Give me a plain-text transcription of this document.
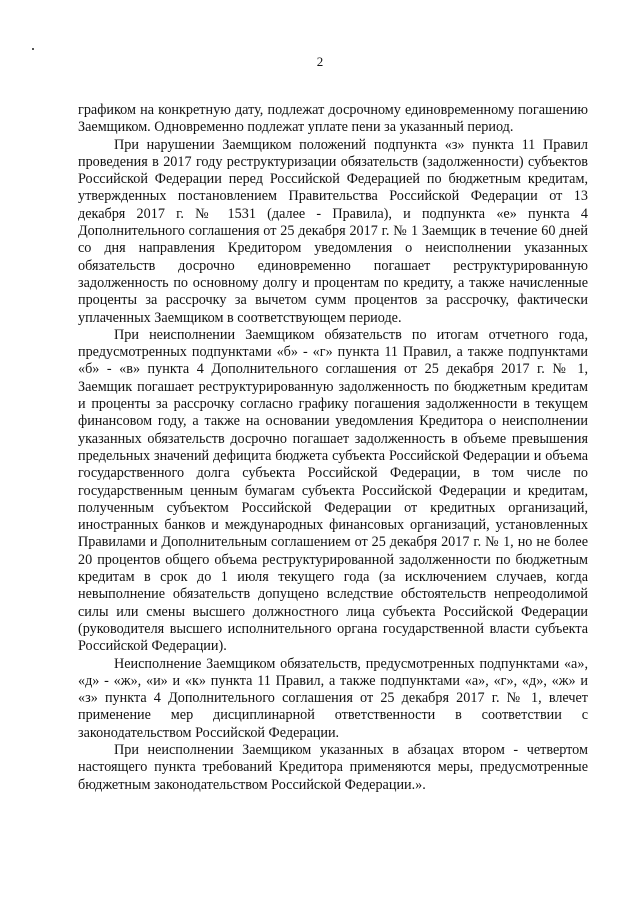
2

графиком на конкретную дату, подлежат досрочному единовременному погашению Заемщиком. Одновременно подлежат уплате пени за указанный период.

При нарушении Заемщиком положений подпункта «з» пункта 11 Правил проведения в 2017 году реструктуризации обязательств (задолженности) субъектов Российской Федерации перед Российской Федерацией по бюджетным кредитам, утвержденных постановлением Правительства Российской Федерации от 13 декабря 2017 г. № 1531 (далее - Правила), и подпункта «е» пункта 4 Дополнительного соглашения от 25 декабря 2017 г. № 1 Заемщик в течение 60 дней со дня направления Кредитором уведомления о неисполнении указанных обязательств досрочно единовременно погашает реструктурированную задолженность по основному долгу и процентам по кредиту, а также начисленные проценты за рассрочку за вычетом сумм процентов за рассрочку, фактически уплаченных Заемщиком в соответствующем периоде.

При неисполнении Заемщиком обязательств по итогам отчетного года, предусмотренных подпунктами «б» - «г» пункта 11 Правил, а также подпунктами «б» - «в» пункта 4 Дополнительного соглашения от 25 декабря 2017 г. № 1, Заемщик погашает реструктурированную задолженность по бюджетным кредитам и проценты за рассрочку согласно графику погашения задолженности в текущем финансовом году, а также на основании уведомления Кредитора о неисполнении указанных обязательств досрочно погашает задолженность в объеме превышения предельных значений дефицита бюджета субъекта Российской Федерации и объема государственного долга субъекта Российской Федерации, в том числе по государственным ценным бумагам субъекта Российской Федерации и кредитам, полученным субъектом Российской Федерации от кредитных организаций, иностранных банков и международных финансовых организаций, установленных Правилами и Дополнительным соглашением от 25 декабря 2017 г. № 1, но не более 20 процентов общего объема реструктурированной задолженности по бюджетным кредитам в срок до 1 июля текущего года (за исключением случаев, когда невыполнение обязательств допущено вследствие обстоятельств непреодолимой силы или смены высшего должностного лица субъекта Российской Федерации (руководителя высшего исполнительного органа государственной власти субъекта Российской Федерации).

Неисполнение Заемщиком обязательств, предусмотренных подпунктами «а», «д» - «ж», «и» и «к» пункта 11 Правил, а также подпунктами «а», «г», «д», «ж» и «з» пункта 4 Дополнительного соглашения от 25 декабря 2017 г. № 1, влечет применение мер дисциплинарной ответственности в соответствии с законодательством Российской Федерации.

При неисполнении Заемщиком указанных в абзацах втором - четвертом настоящего пункта требований Кредитора применяются меры, предусмотренные бюджетным законодательством Российской Федерации.».
